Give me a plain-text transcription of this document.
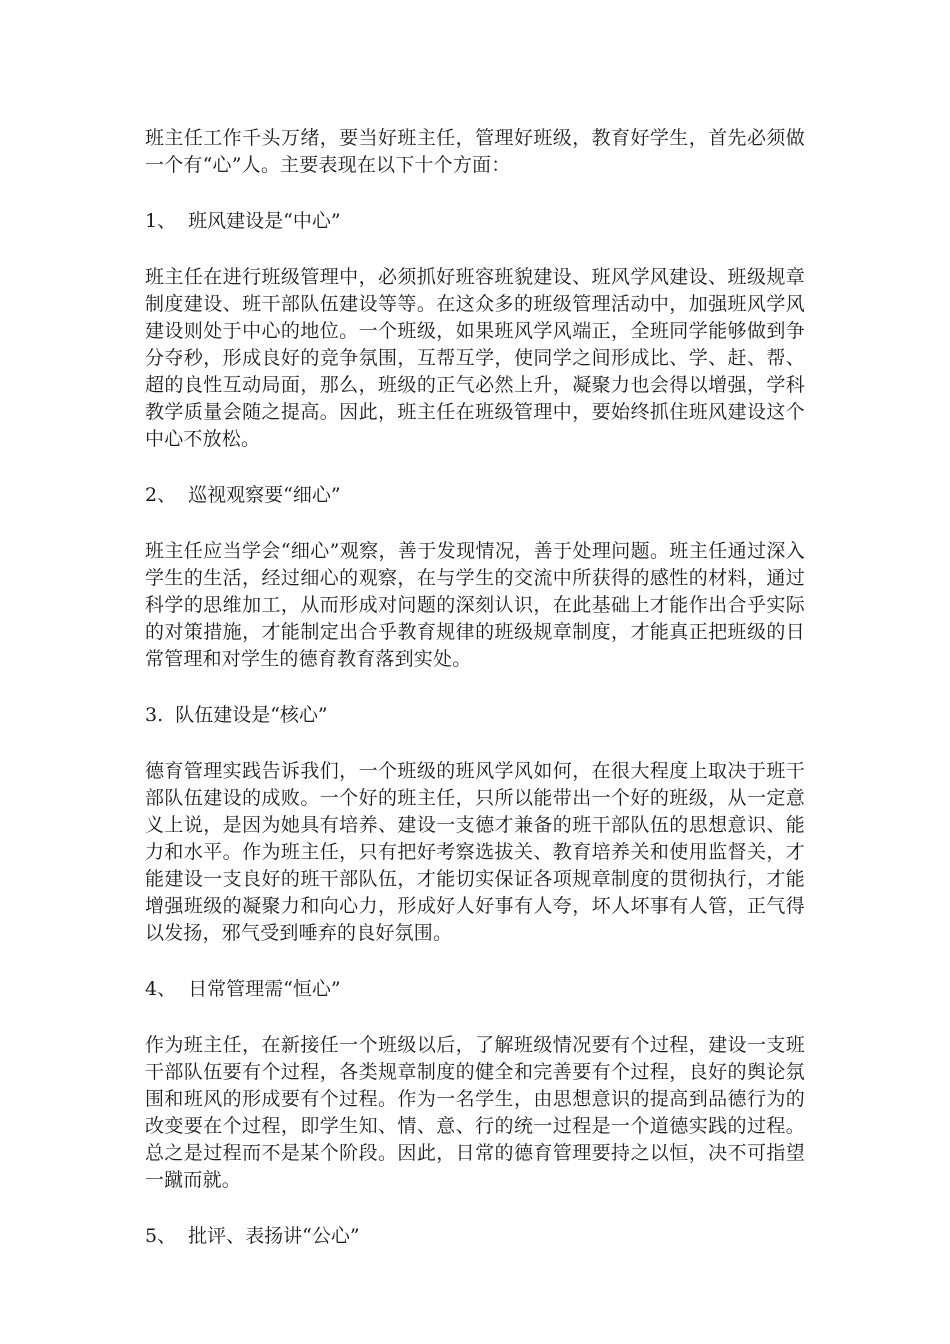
班主任工作千头万绪，要当好班主任，管理好班级，教育好学生，首先必须做一个有“心”人。主要表现在以下十个方面：

1、  班风建设是“中心”

班主任在进行班级管理中，必须抓好班容班貌建设、班风学风建设、班级规章制度建设、班干部队伍建设等等。在这众多的班级管理活动中，加强班风学风建设则处于中心的地位。一个班级，如果班风学风端正，全班同学能够做到争分夺秒，形成良好的竞争氛围，互帮互学，使同学之间形成比、学、赶、帮、超的良性互动局面，那么，班级的正气必然上升，凝聚力也会得以增强，学科教学质量会随之提高。因此，班主任在班级管理中，要始终抓住班风建设这个中心不放松。

2、  巡视观察要“细心”

班主任应当学会“细心”观察，善于发现情况，善于处理问题。班主任通过深入学生的生活，经过细心的观察，在与学生的交流中所获得的感性的材料，通过科学的思维加工，从而形成对问题的深刻认识，在此基础上才能作出合乎实际的对策措施，才能制定出合乎教育规律的班级规章制度，才能真正把班级的日常管理和对学生的德育教育落到实处。

3.  队伍建设是“核心”

德育管理实践告诉我们，一个班级的班风学风如何，在很大程度上取决于班干部队伍建设的成败。一个好的班主任，只所以能带出一个好的班级，从一定意义上说，是因为她具有培养、建设一支德才兼备的班干部队伍的思想意识、能力和水平。作为班主任，只有把好考察选拔关、教育培养关和使用监督关，才能建设一支良好的班干部队伍，才能切实保证各项规章制度的贯彻执行，才能增强班级的凝聚力和向心力，形成好人好事有人夸，坏人坏事有人管，正气得以发扬，邪气受到唾弃的良好氛围。

4、  日常管理需“恒心”

作为班主任，在新接任一个班级以后，了解班级情况要有个过程，建设一支班干部队伍要有个过程，各类规章制度的健全和完善要有个过程，良好的舆论氛围和班风的形成要有个过程。作为一名学生，由思想意识的提高到品德行为的改变要在个过程，即学生知、情、意、行的统一过程是一个道德实践的过程。总之是过程而不是某个阶段。因此，日常的德育管理要持之以恒，决不可指望一蹴而就。

5、  批评、表扬讲“公心”
